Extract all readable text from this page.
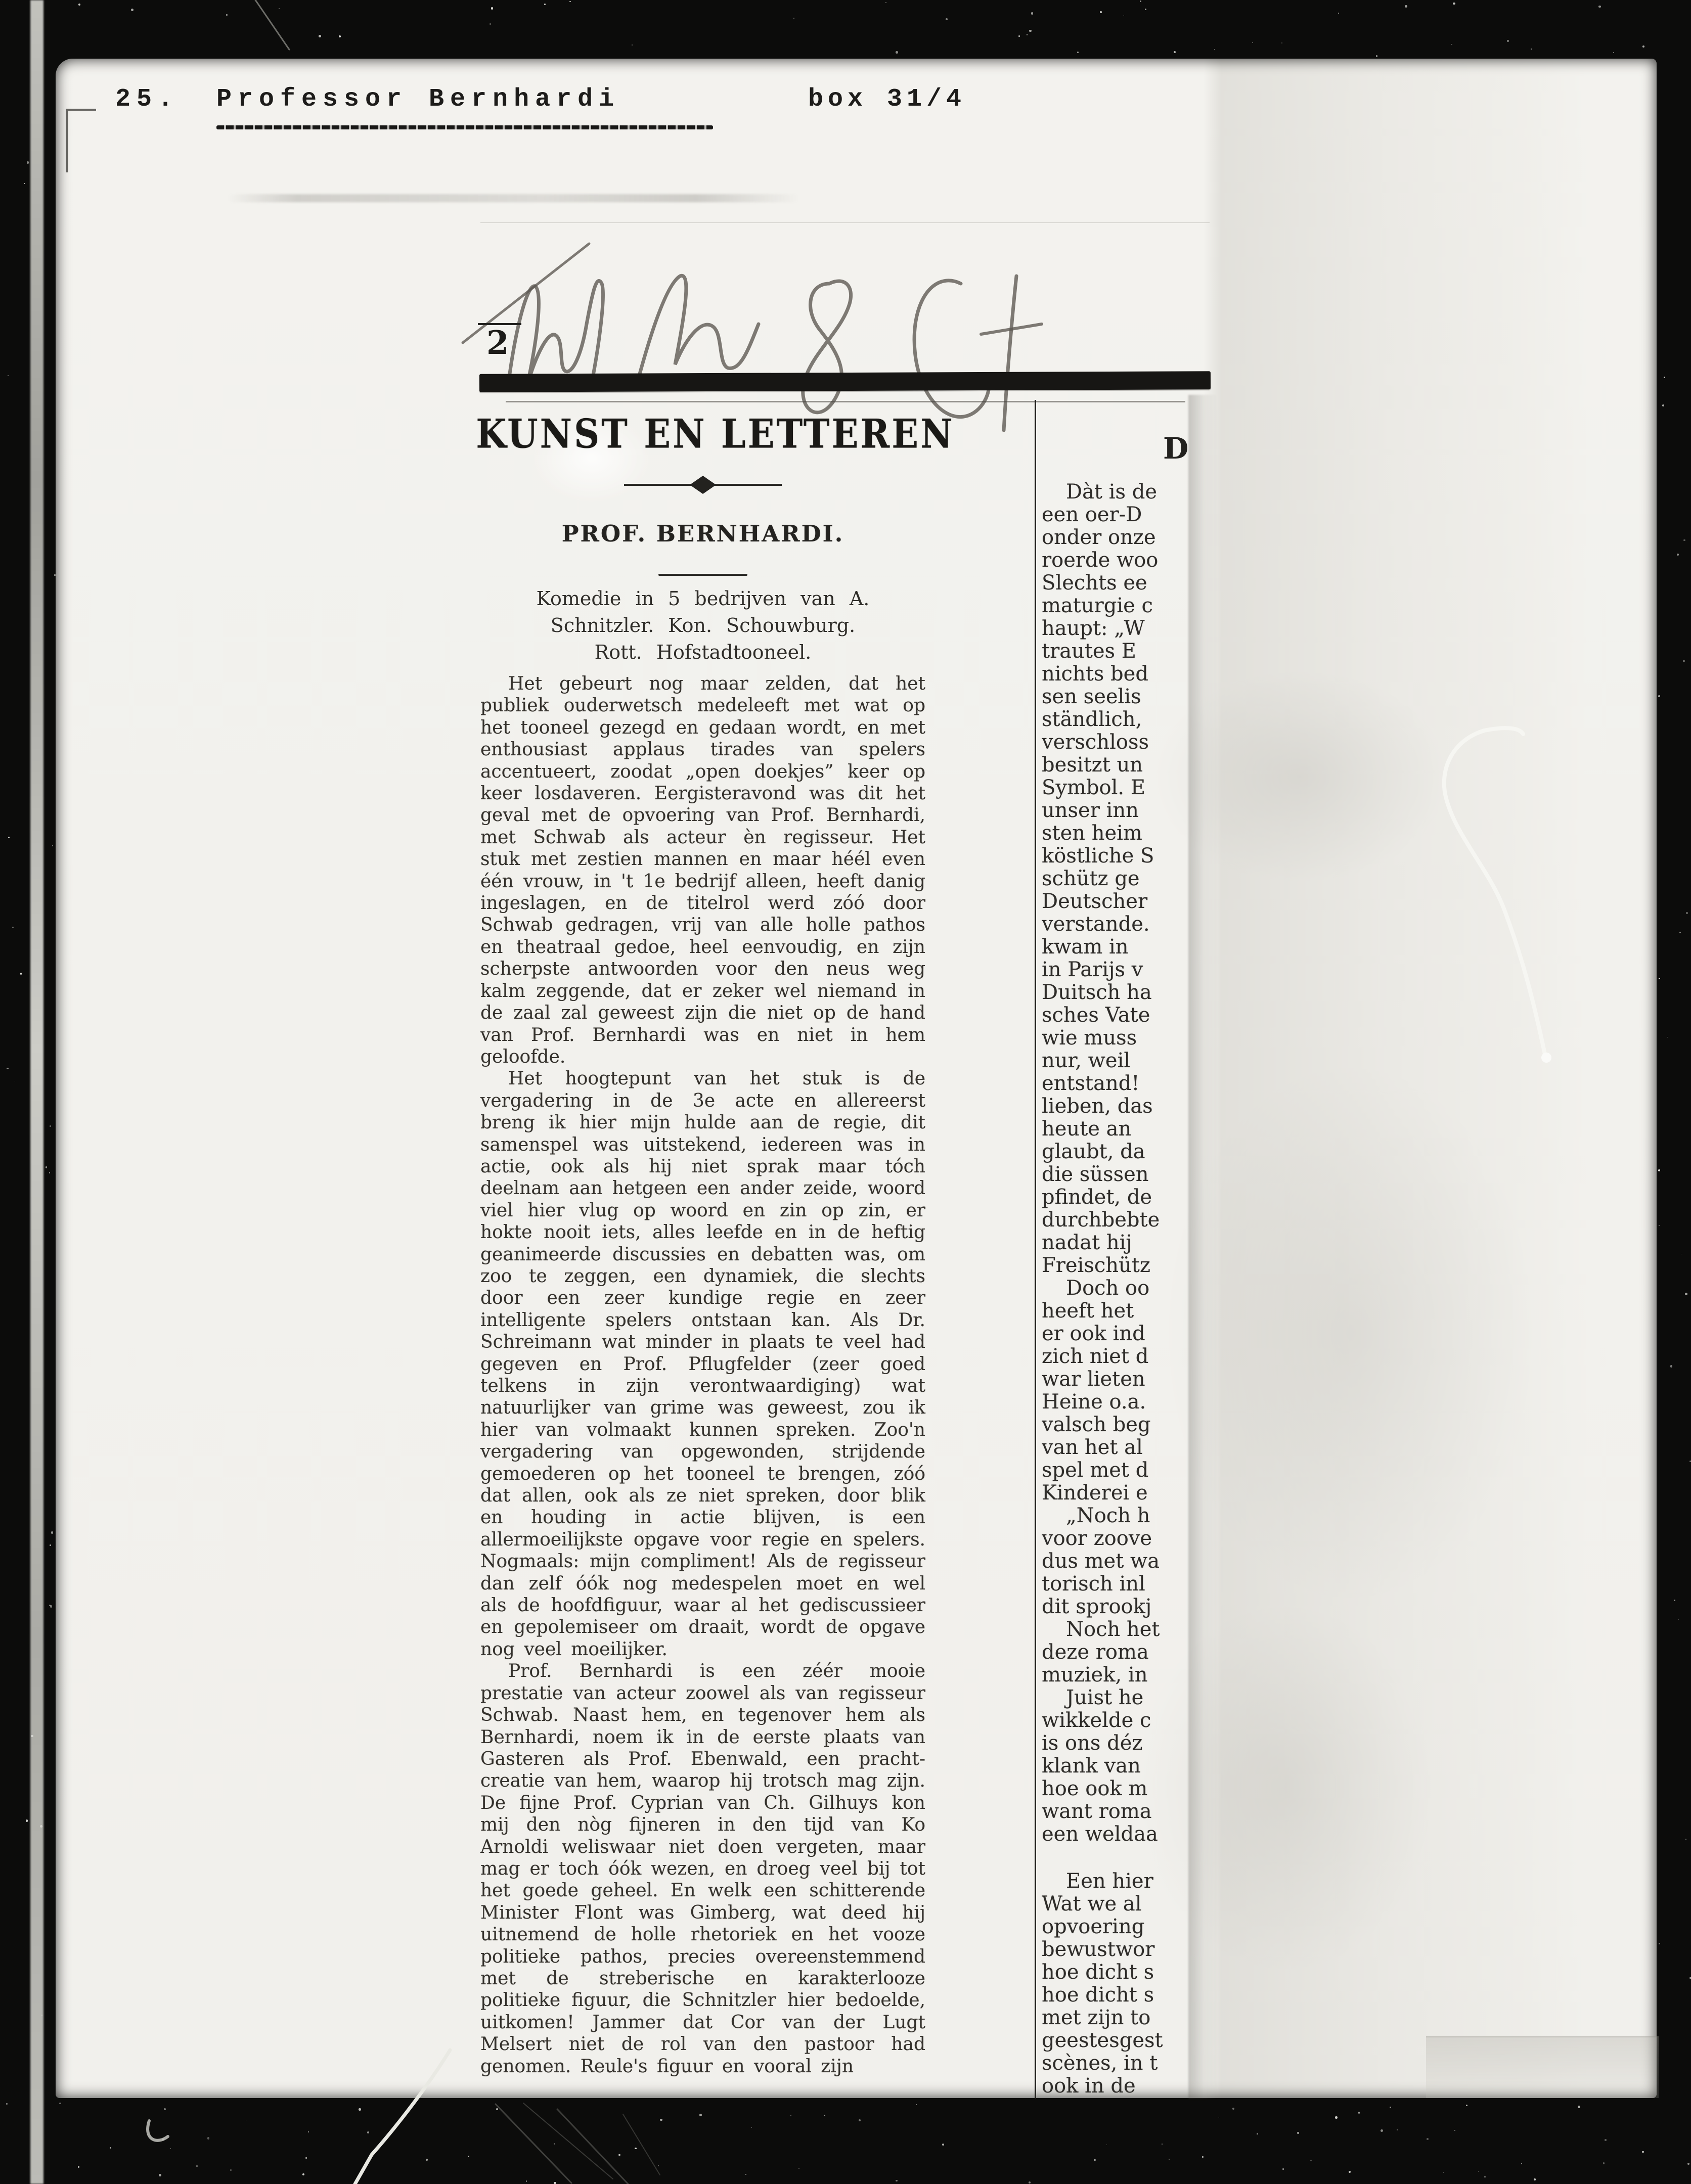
25. Professor Bernhardi	box 31/4
2
KUNST EN LETTEREN
PROF. BERNHARDI.
Komedie in 5 bedrijven van A.
Schnitzler. Kon. Schouwburg.
Rott. Hofstadtooneel.

Het gebeurt nog maar zelden, dat het publiek ouderwetsch medeleeft met wat op het tooneel gezegd en gedaan wordt, en met enthousiast applaus tirades van spelers accentueert, zoodat „open doekjes” keer op keer losdaveren. Eergisteravond was dit het geval met de opvoering van Prof. Bernhardi, met Schwab als acteur èn regisseur. Het stuk met zestien mannen en maar héél even één vrouw, in 't 1e bedrijf alleen, heeft danig ingeslagen, en de titelrol werd zóó door Schwab gedragen, vrij van alle holle pathos en theatraal gedoe, heel eenvoudig, en zijn scherpste antwoorden voor den neus weg kalm zeggende, dat er zeker wel niemand in de zaal zal geweest zijn die niet op de hand van Prof. Bernhardi was en niet in hem geloofde.

Het hoogtepunt van het stuk is de vergadering in de 3e acte en allereerst breng ik hier mijn hulde aan de regie, dit samenspel was uitstekend, iedereen was in actie, ook als hij niet sprak maar tóch deelnam aan hetgeen een ander zeide, woord viel hier vlug op woord en zin op zin, er hokte nooit iets, alles leefde en in de heftig geanimeerde discussies en debatten was, om zoo te zeggen, een dynamiek, die slechts door een zeer kundige regie en zeer intelligente spelers ontstaan kan. Als Dr. Schreimann wat minder in plaats te veel had gegeven en Prof. Pflugfelder (zeer goed telkens in zijn verontwaardiging) wat natuurlijker van grime was geweest, zou ik hier van volmaakt kunnen spreken. Zoo'n vergadering van opgewonden, strijdende gemoederen op het tooneel te brengen, zóó dat allen, ook als ze niet spreken, door blik en houding in actie blijven, is een allermoeilijkste opgave voor regie en spelers. Nogmaals: mijn compliment! Als de regisseur dan zelf óók nog medespelen moet en wel als de hoofdfiguur, waar al het gediscussieer en gepolemiseer om draait, wordt de opgave nog veel moeilijker.

Prof. Bernhardi is een zéér mooie prestatie van acteur zoowel als van regisseur Schwab. Naast hem, en tegenover hem als Bernhardi, noem ik in de eerste plaats van Gasteren als Prof. Ebenwald, een pracht-creatie van hem, waarop hij trotsch mag zijn. De fijne Prof. Cyprian van Ch. Gilhuys kon mij den nòg fijneren in den tijd van Ko Arnoldi weliswaar niet doen vergeten, maar mag er toch óók wezen, en droeg veel bij tot het goede geheel. En welk een schitterende Minister Flont was Gimberg, wat deed hij uitnemend de holle rhetoriek en het vooze politieke pathos, precies overeenstemmend met de streberische en karakterlooze politieke figuur, die Schnitzler hier bedoelde, uitkomen! Jammer dat Cor van der Lugt Melsert niet de rol van den pastoor had genomen. Reule's figuur en vooral zijn

D
Dàt is de
een oer-D
onder onze
roerde woo
Slechts ee
maturgie c
haupt: „W
trautes E
nichts bed
sen seelis
ständlich,
verschloss
besitzt un
Symbol. E
unser inn
sten heim
köstliche S
schütz ge
Deutscher
verstande.
kwam in
in Parijs v
Duitsch ha
sches Vate
wie muss
nur, weil
entstand!
lieben, das
heute an
glaubt, da
die süssen
pfindet, de
durchbebte
nadat hij
Freischütz
Doch oo
heeft het
er ook ind
zich niet d
war lieten
Heine o.a.
valsch beg
van het al
spel met d
Kinderei e
„Noch h
voor zoove
dus met wa
torisch inl
dit sprookj
Noch het
deze roma
muziek, in
Juist he
wikkelde c
is ons déz
klank van
hoe ook m
want roma
een weldaa
Een hier
Wat we al
opvoering
bewustwor
hoe dicht s
hoe dicht s
met zijn to
geestesgest
scènes, in t
ook in de
